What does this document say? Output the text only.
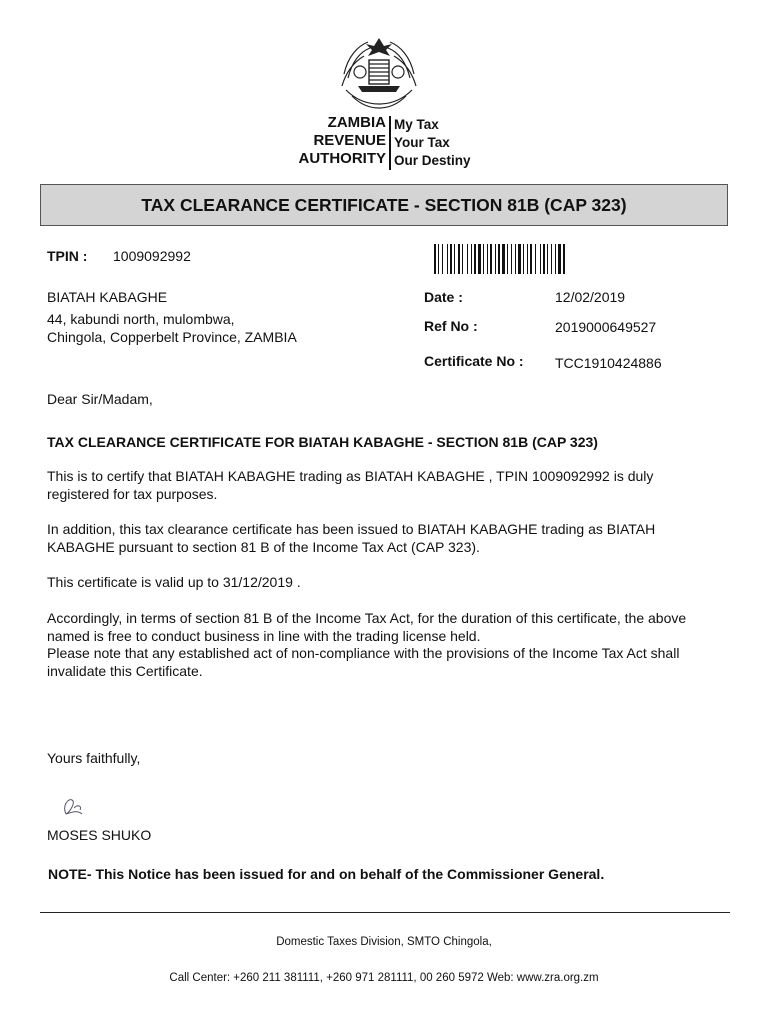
ZAMBIA
REVENUE
AUTHORITY
My Tax
Your Tax
Our Destiny
TAX CLEARANCE CERTIFICATE - SECTION 81B (CAP 323)
TPIN : 1009092992
BIATAH KABAGHE
44, kabundi north, mulombwa,
Chingola, Copperbelt Province, ZAMBIA
Date :	12/02/2019
Ref No :	2019000649527
Certificate No : TCC1910424886
Dear Sir/Madam,
TAX CLEARANCE CERTIFICATE FOR BIATAH KABAGHE - SECTION 81B (CAP 323)
This is to certify that BIATAH KABAGHE trading as BIATAH KABAGHE , TPIN 1009092992 is duly registered for tax purposes.
In addition, this tax clearance certificate has been issued to BIATAH KABAGHE trading as BIATAH KABAGHE pursuant to section 81 B of the Income Tax Act (CAP 323).
This certificate is valid up to 31/12/2019 .
Accordingly, in terms of section 81 B of the Income Tax Act, for the duration of this certificate, the above named is free to conduct business in line with the trading license held.
Please note that any established act of non-compliance with the provisions of the Income Tax Act shall invalidate this Certificate.
Yours faithfully,
MOSES SHUKO
NOTE- This Notice has been issued for and on behalf of the Commissioner General.
Domestic Taxes Division, SMTO Chingola,
Call Center: +260 211 381111, +260 971 281111, 00 260 5972 Web: www.zra.org.zm
